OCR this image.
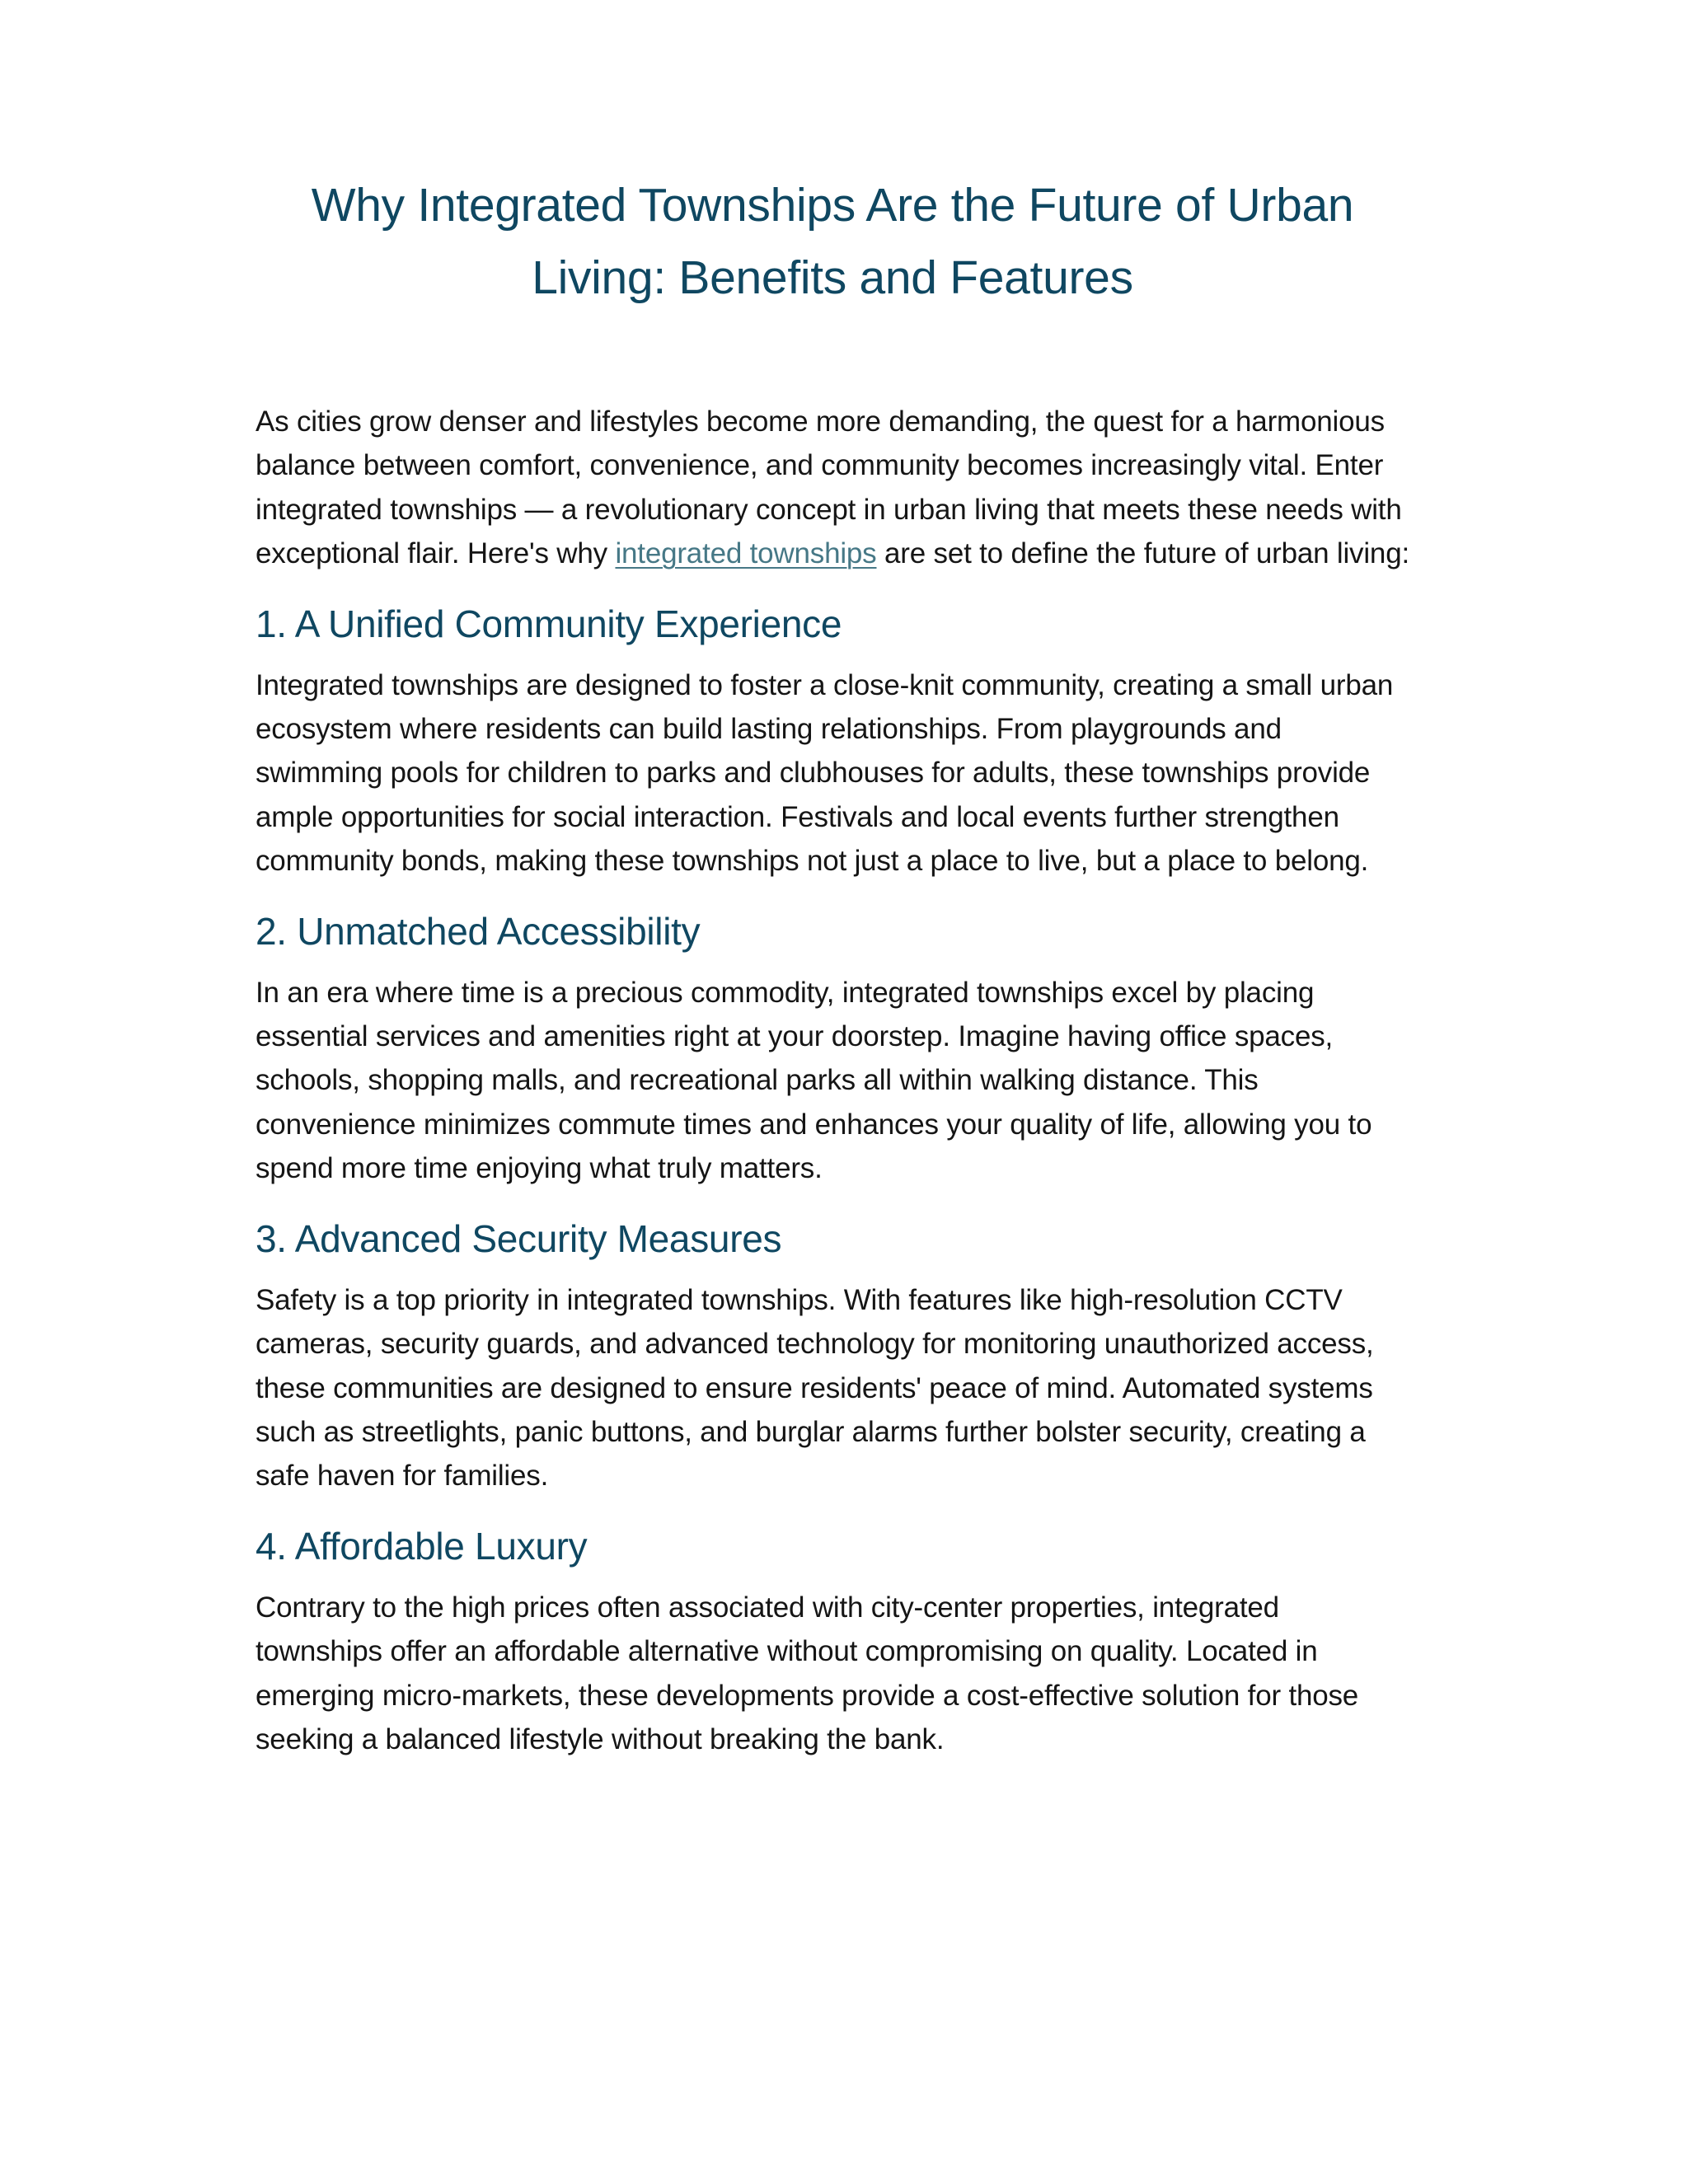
Why Integrated Townships Are the Future of Urban Living: Benefits and Features

As cities grow denser and lifestyles become more demanding, the quest for a harmonious balance between comfort, convenience, and community becomes increasingly vital. Enter integrated townships — a revolutionary concept in urban living that meets these needs with exceptional flair. Here's why integrated townships are set to define the future of urban living:

1. A Unified Community Experience

Integrated townships are designed to foster a close-knit community, creating a small urban ecosystem where residents can build lasting relationships. From playgrounds and swimming pools for children to parks and clubhouses for adults, these townships provide ample opportunities for social interaction. Festivals and local events further strengthen community bonds, making these townships not just a place to live, but a place to belong.

2. Unmatched Accessibility

In an era where time is a precious commodity, integrated townships excel by placing essential services and amenities right at your doorstep. Imagine having office spaces, schools, shopping malls, and recreational parks all within walking distance. This convenience minimizes commute times and enhances your quality of life, allowing you to spend more time enjoying what truly matters.

3. Advanced Security Measures

Safety is a top priority in integrated townships. With features like high-resolution CCTV cameras, security guards, and advanced technology for monitoring unauthorized access, these communities are designed to ensure residents' peace of mind. Automated systems such as streetlights, panic buttons, and burglar alarms further bolster security, creating a safe haven for families.

4. Affordable Luxury

Contrary to the high prices often associated with city-center properties, integrated townships offer an affordable alternative without compromising on quality. Located in emerging micro-markets, these developments provide a cost-effective solution for those seeking a balanced lifestyle without breaking the bank.
